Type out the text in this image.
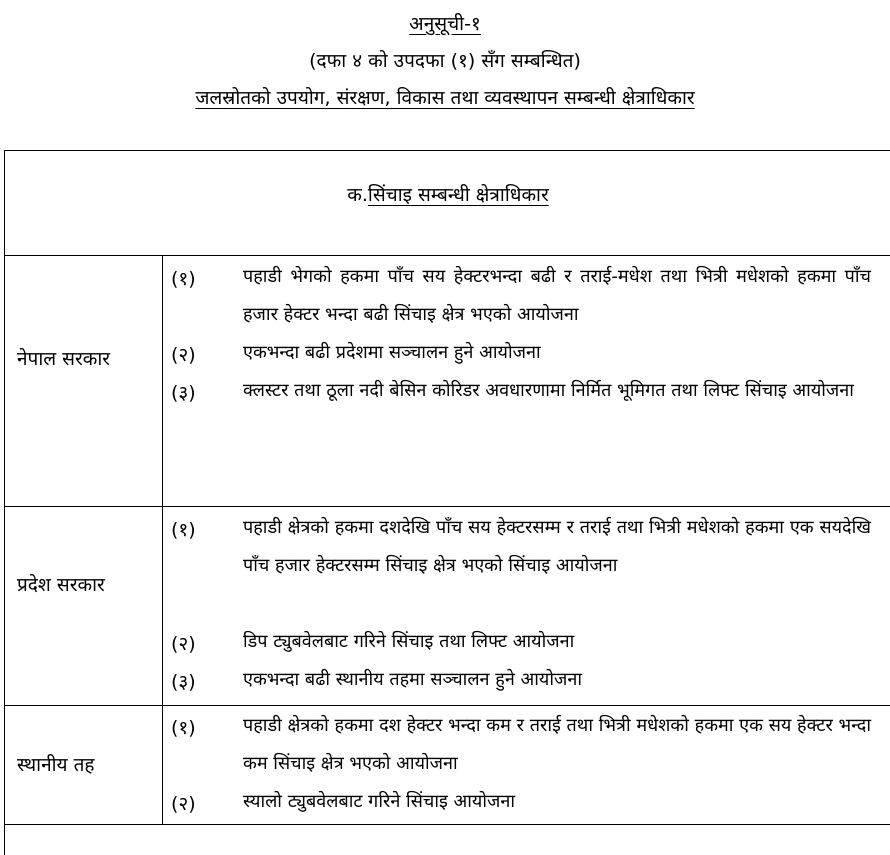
अनुसूची-१
(दफा ४ को उपदफा (१) सँग सम्बन्धित)
जलस्रोतको उपयोग, संरक्षण, विकास तथा व्यवस्थापन सम्बन्धी क्षेत्राधिकार
क.सिंचाइ सम्बन्धी क्षेत्राधिकार
नेपाल सरकार
(१)	पहाडी भेगको हकमा पाँच सय हेक्टरभन्दा बढी र तराई-मधेश तथा भित्री मधेशको हकमा पाँच हजार हेक्टर भन्दा बढी सिंचाइ क्षेत्र भएको आयोजना
(२)	एकभन्दा बढी प्रदेशमा सञ्चालन हुने आयोजना
(३)	क्लस्टर तथा ठूला नदी बेसिन कोरिडर अवधारणामा निर्मित भूमिगत तथा लिफ्ट सिंचाइ आयोजना
प्रदेश सरकार
(१)	पहाडी क्षेत्रको हकमा दशदेखि पाँच सय हेक्टरसम्म र तराई तथा भित्री मधेशको हकमा एक सयदेखि पाँच हजार हेक्टरसम्म सिंचाइ क्षेत्र भएको सिंचाइ आयोजना
(२)	डिप ट्युबवेलबाट गरिने सिंचाइ तथा लिफ्ट आयोजना
(३)	एकभन्दा बढी स्थानीय तहमा सञ्चालन हुने आयोजना
स्थानीय तह
(१)	पहाडी क्षेत्रको हकमा दश हेक्टर भन्दा कम र तराई तथा भित्री मधेशको हकमा एक सय हेक्टर भन्दा कम सिंचाइ क्षेत्र भएको आयोजना
(२)	स्यालो ट्युबवेलबाट गरिने सिंचाइ आयोजना
